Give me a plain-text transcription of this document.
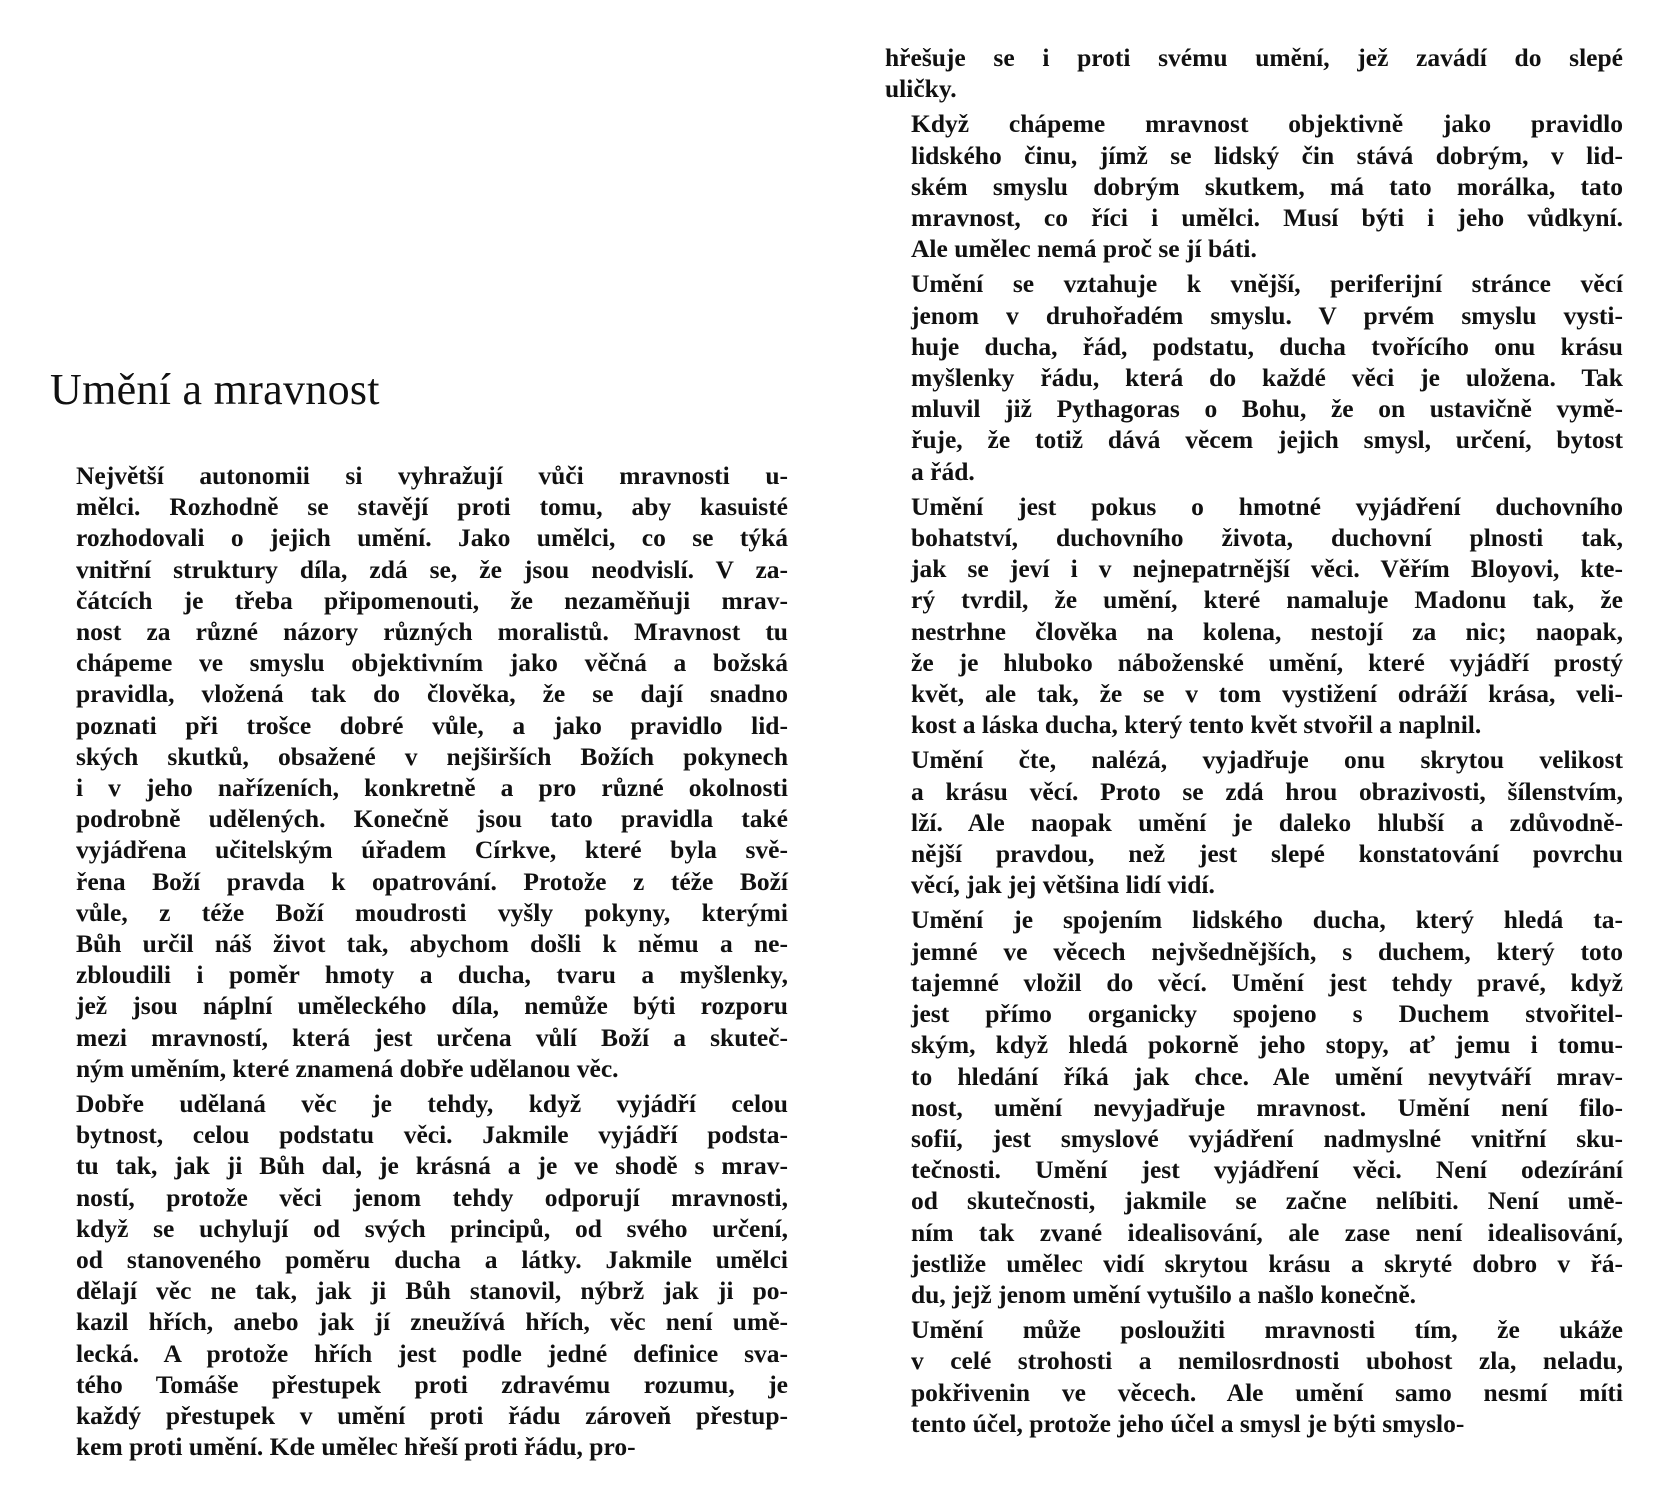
Umění a mravnost
Největší autonomii si vyhražují vůči mravnosti u-
mělci. Rozhodně se stavějí proti tomu, aby kasuisté
rozhodovali o jejich umění. Jako umělci, co se týká
vnitřní struktury díla, zdá se, že jsou neodvislí. V za-
čátcích je třeba připomenouti, že nezaměňuji mrav-
nost za různé názory různých moralistů. Mravnost tu
chápeme ve smyslu objektivním jako věčná a božská
pravidla, vložená tak do člověka, že se dají snadno
poznati při trošce dobré vůle, a jako pravidlo lid-
ských skutků, obsažené v nejširších Božích pokynech
i v jeho nařízeních, konkretně a pro různé okolnosti
podrobně udělených. Konečně jsou tato pravidla také
vyjádřena učitelským úřadem Církve, které byla svě-
řena Boží pravda k opatrování. Protože z téže Boží
vůle, z téže Boží moudrosti vyšly pokyny, kterými
Bůh určil náš život tak, abychom došli k němu a ne-
zbloudili i poměr hmoty a ducha, tvaru a myšlenky,
jež jsou náplní uměleckého díla, nemůže býti rozporu
mezi mravností, která jest určena vůlí Boží a skuteč-
ným uměním, které znamená dobře udělanou věc.
Dobře udělaná věc je tehdy, když vyjádří celou
bytnost, celou podstatu věci. Jakmile vyjádří podsta-
tu tak, jak ji Bůh dal, je krásná a je ve shodě s mrav-
ností, protože věci jenom tehdy odporují mravnosti,
když se uchylují od svých principů, od svého určení,
od stanoveného poměru ducha a látky. Jakmile umělci
dělají věc ne tak, jak ji Bůh stanovil, nýbrž jak ji po-
kazil hřích, anebo jak jí zneužívá hřích, věc není umě-
lecká. A protože hřích jest podle jedné definice sva-
tého Tomáše přestupek proti zdravému rozumu, je
každý přestupek v umění proti řádu zároveň přestup-
kem proti umění. Kde umělec hřeší proti řádu, pro-
hřešuje se i proti svému umění, jež zavádí do slepé
uličky.
Když chápeme mravnost objektivně jako pravidlo
lidského činu, jímž se lidský čin stává dobrým, v lid-
ském smyslu dobrým skutkem, má tato morálka, tato
mravnost, co říci i umělci. Musí býti i jeho vůdkyní.
Ale umělec nemá proč se jí báti.
Umění se vztahuje k vnější, periferijní stránce věcí
jenom v druhořadém smyslu. V prvém smyslu vysti-
huje ducha, řád, podstatu, ducha tvořícího onu krásu
myšlenky řádu, která do každé věci je uložena. Tak
mluvil již Pythagoras o Bohu, že on ustavičně vymě-
řuje, že totiž dává věcem jejich smysl, určení, bytost
a řád.
Umění jest pokus o hmotné vyjádření duchovního
bohatství, duchovního života, duchovní plnosti tak,
jak se jeví i v nejnepatrnější věci. Věřím Bloyovi, kte-
rý tvrdil, že umění, které namaluje Madonu tak, že
nestrhne člověka na kolena, nestojí za nic; naopak,
že je hluboko náboženské umění, které vyjádří prostý
květ, ale tak, že se v tom vystižení odráží krása, veli-
kost a láska ducha, který tento květ stvořil a naplnil.
Umění čte, nalézá, vyjadřuje onu skrytou velikost
a krásu věcí. Proto se zdá hrou obrazivosti, šílenstvím,
lží. Ale naopak umění je daleko hlubší a zdůvodně-
nější pravdou, než jest slepé konstatování povrchu
věcí, jak jej většina lidí vidí.
Umění je spojením lidského ducha, který hledá ta-
jemné ve věcech nejvšednějších, s duchem, který toto
tajemné vložil do věcí. Umění jest tehdy pravé, když
jest přímo organicky spojeno s Duchem stvořitel-
ským, když hledá pokorně jeho stopy, ať jemu i tomu-
to hledání říká jak chce. Ale umění nevytváří mrav-
nost, umění nevyjadřuje mravnost. Umění není filo-
sofií, jest smyslové vyjádření nadmyslné vnitřní sku-
tečnosti. Umění jest vyjádření věci. Není odezírání
od skutečnosti, jakmile se začne nelíbiti. Není umě-
ním tak zvané idealisování, ale zase není idealisování,
jestliže umělec vidí skrytou krásu a skryté dobro v řá-
du, jejž jenom umění vytušilo a našlo konečně.
Umění může posloužiti mravnosti tím, že ukáže
v celé strohosti a nemilosrdnosti ubohost zla, neladu,
pokřivenin ve věcech. Ale umění samo nesmí míti
tento účel, protože jeho účel a smysl je býti smyslo-
